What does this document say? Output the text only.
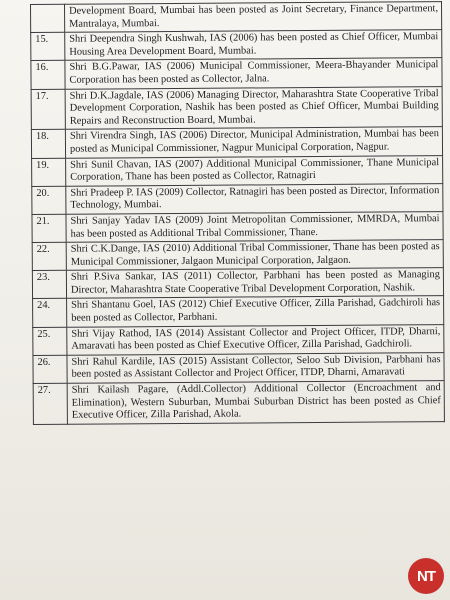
	Development Board, Mumbai has been posted as Joint Secretary, Finance Department, Mantralaya, Mumbai.
15.	Shri Deependra Singh Kushwah, IAS (2006) has been posted as Chief Officer, Mumbai Housing Area Development Board, Mumbai.
16.	Shri B.G.Pawar, IAS (2006) Municipal Commissioner, Meera-Bhayander Municipal Corporation has been posted as Collector, Jalna.
17.	Shri D.K.Jagdale, IAS (2006) Managing Director, Maharashtra State Cooperative Tribal Development Corporation, Nashik has been posted as Chief Officer, Mumbai Building Repairs and Reconstruction Board, Mumbai.
18.	Shri Virendra Singh, IAS (2006) Director, Municipal Administration, Mumbai has been posted as Municipal Commissioner, Nagpur Municipal Corporation, Nagpur.
19.	Shri Sunil Chavan, IAS (2007) Additional Municipal Commissioner, Thane Municipal Corporation, Thane has been posted as Collector, Ratnagiri
20.	Shri Pradeep P. IAS (2009) Collector, Ratnagiri has been posted as Director, Information Technology, Mumbai.
21.	Shri Sanjay Yadav IAS (2009) Joint Metropolitan Commissioner, MMRDA, Mumbai has been posted as Additional Tribal Commissioner, Thane.
22.	Shri C.K.Dange, IAS (2010) Additional Tribal Commissioner, Thane has been posted as Municipal Commissioner, Jalgaon Municipal Corporation, Jalgaon.
23.	Shri P.Siva Sankar, IAS (2011) Collector, Parbhani has been posted as Managing Director, Maharashtra State Cooperative Tribal Development Corporation, Nashik.
24.	Shri Shantanu Goel, IAS (2012) Chief Executive Officer, Zilla Parishad, Gadchiroli has been posted as Collector, Parbhani.
25.	Shri Vijay Rathod, IAS (2014) Assistant Collector and Project Officer, ITDP, Dharni, Amaravati has been posted as Chief Executive Officer, Zilla Parishad, Gadchiroli.
26.	Shri Rahul Kardile, IAS (2015) Assistant Collector, Seloo Sub Division, Parbhani has been posted as Assistant Collector and Project Officer, ITDP, Dharni, Amaravati
27.	Shri Kailash Pagare, (Addl.Collector) Additional Collector (Encroachment and Elimination), Western Suburban, Mumbai Suburban District has been posted as Chief Executive Officer, Zilla Parishad, Akola.
NT
